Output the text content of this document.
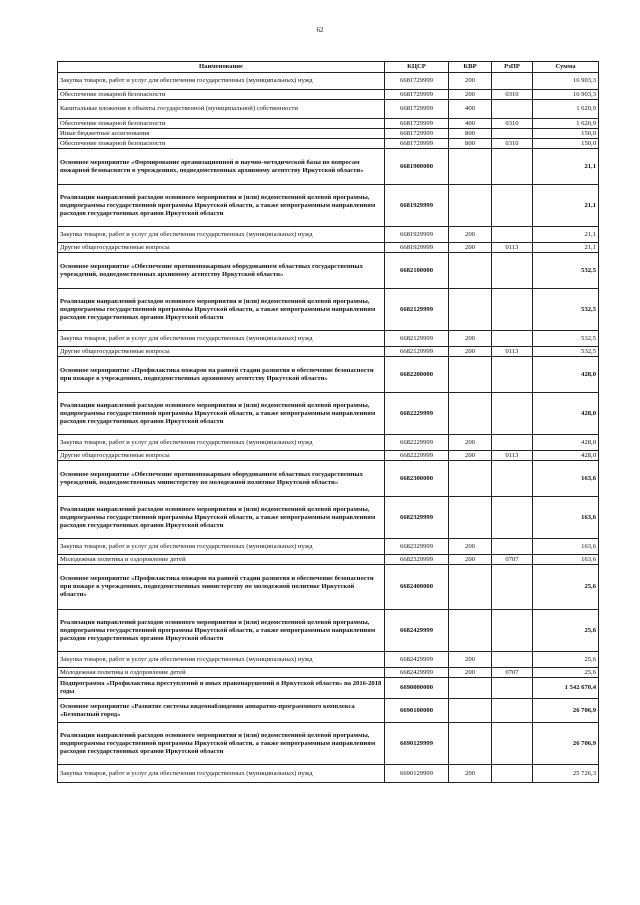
62
Наименование	КЦСР	КВР	РзПР	Сумма
Закупка товаров, работ и услуг для обеспечения государственных (муниципальных) нужд	6681729999	200		16 903,3
Обеспечение пожарной безопасности	6681729999	200	0310	16 903,3
Капитальные вложения в объекты государственной (муниципальной) собственности	6681729999	400		1 620,9
Обеспечение пожарной безопасности	6681729999	400	0310	1 620,9
Иные бюджетные ассигнования	6681729999	800		150,0
Обеспечение пожарной безопасности	6681729999	800	0310	150,0
Основное мероприятие «Формирование организационной и научно-методической базы по вопросам пожарной безопасности в учреждениях, подведомственных архивному агентству Иркутской области»	6681900000			21,1
Реализация направлений расходов основного мероприятия и (или) ведомственной целевой программы, подпрограммы государственной программы Иркутской области, а также непрограммным направлениям расходов государственных органов Иркутской области	6681929999			21,1
Закупка товаров, работ и услуг для обеспечения государственных (муниципальных) нужд	6681929999	200		21,1
Другие общегосударственные вопросы	6681929999	200	0113	21,1
Основное мероприятие «Обеспечение противопожарным оборудованием областных государственных учреждений, подведомственных архивному агентству Иркутской области»	6682100000			532,5
Реализация направлений расходов основного мероприятия и (или) ведомственной целевой программы, подпрограммы государственной программы Иркутской области, а также непрограммным направлениям расходов государственных органов Иркутской области	6682129999			532,5
Закупка товаров, работ и услуг для обеспечения государственных (муниципальных) нужд	6682129999	200		532,5
Другие общегосударственные вопросы	6682129999	200	0113	532,5
Основное мероприятие «Профилактика пожаров на ранней стадии развития и обеспечение безопасности при пожаре в учреждениях, подведомственных архивному агентству Иркутской области»	6682200000			428,0
Реализация направлений расходов основного мероприятия и (или) ведомственной целевой программы, подпрограммы государственной программы Иркутской области, а также непрограммным направлениям расходов государственных органов Иркутской области	6682229999			428,0
Закупка товаров, работ и услуг для обеспечения государственных (муниципальных) нужд	6682229999	200		428,0
Другие общегосударственные вопросы	6682229999	200	0113	428,0
Основное мероприятие «Обеспечение противопожарным оборудованием областных государственных учреждений, подведомственных министерству по молодежной политике Иркутской области»	6682300000			163,6
Реализация направлений расходов основного мероприятия и (или) ведомственной целевой программы, подпрограммы государственной программы Иркутской области, а также непрограммным направлениям расходов государственных органов Иркутской области	6682329999			163,6
Закупка товаров, работ и услуг для обеспечения государственных (муниципальных) нужд	6682329999	200		163,6
Молодежная политика и оздоровление детей	6682329999	200	0707	163,6
Основное мероприятие «Профилактика пожаров на ранней стадии развития и обеспечение безопасности при пожаре в учреждениях, подведомственных министерству по молодежной политике Иркутской области»	6682400000			25,6
Реализация направлений расходов основного мероприятия и (или) ведомственной целевой программы, подпрограммы государственной программы Иркутской области, а также непрограммным направлениям расходов государственных органов Иркутской области	6682429999			25,6
Закупка товаров, работ и услуг для обеспечения государственных (муниципальных) нужд	6682429999	200		25,6
Молодежная политика и оздоровление детей	6682429999	200	0707	25,6
Подпрограмма «Профилактика преступлений и иных правонарушений в Иркутской области» на 2016-2018 годы	6690000000			1 542 670,4
Основное мероприятие «Развитие системы видеонаблюдения аппаратно-программного комплекса «Безопасный город»	6690100000			26 706,9
Реализация направлений расходов основного мероприятия и (или) ведомственной целевой программы, подпрограммы государственной программы Иркутской области, а также непрограммным направлениям расходов государственных органов Иркутской области	6690129999			26 706,9
Закупка товаров, работ и услуг для обеспечения государственных (муниципальных) нужд	6690129999	200		25 726,3
